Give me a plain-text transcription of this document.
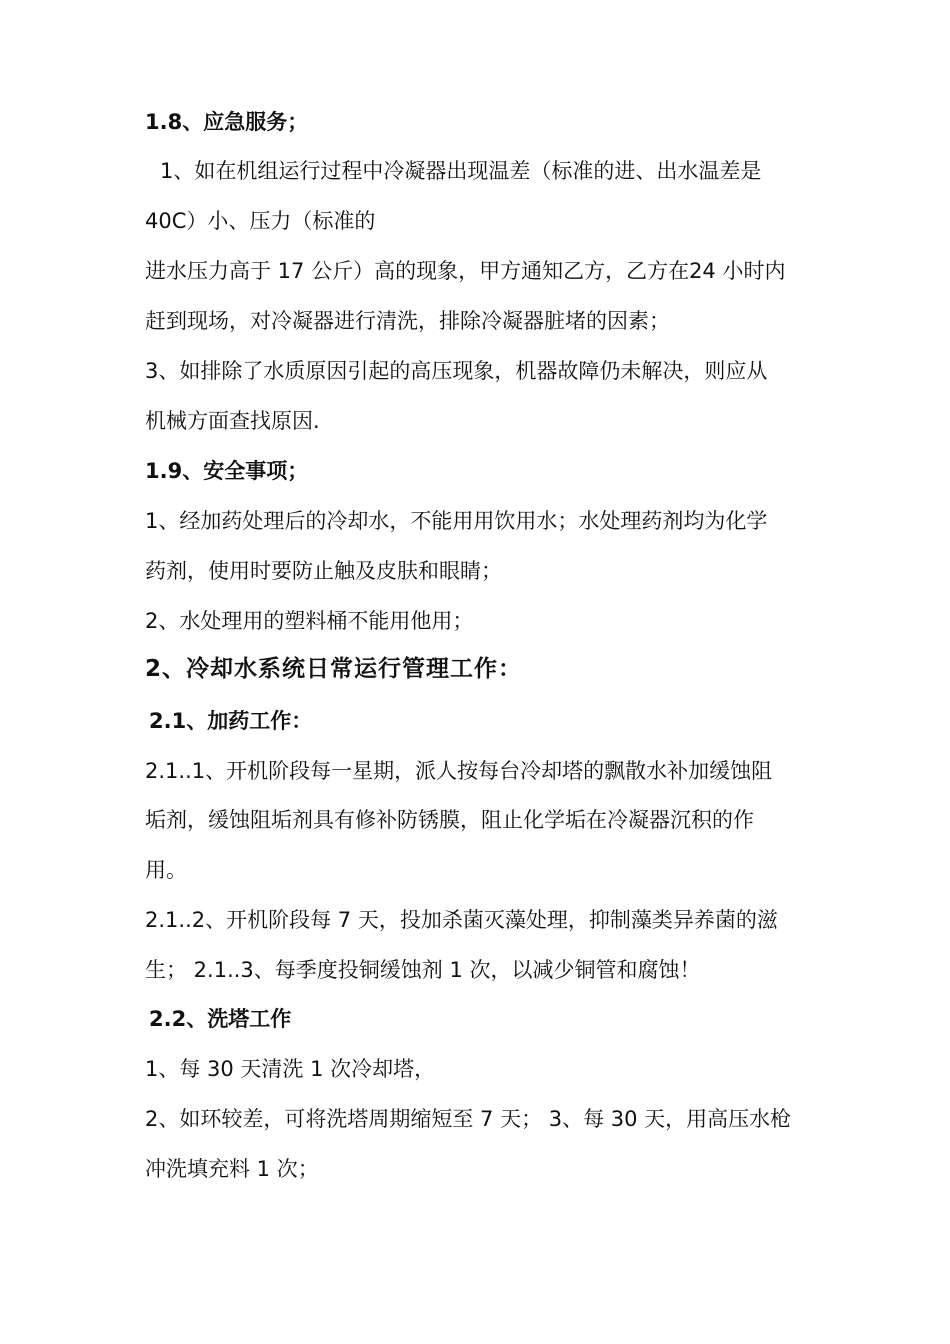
1.8、应急服务；
1、如在机组运行过程中冷凝器出现温差（标准的进、出水温差是
40C）小、压力（标准的
进水压力高于 17 公斤）高的现象，甲方通知乙方，乙方在24 小时内
赶到现场，对冷凝器进行清洗，排除冷凝器脏堵的因素；
3、如排除了水质原因引起的高压现象，机器故障仍未解决，则应从
机械方面查找原因.
1.9、安全事项；
1、经加药处理后的冷却水，不能用用饮用水；水处理药剂均为化学
药剂，使用时要防止触及皮肤和眼睛；
2、水处理用的塑料桶不能用他用；
2、冷却水系统日常运行管理工作：
2.1、加药工作：
2.1..1、开机阶段每一星期，派人按每台冷却塔的飘散水补加缓蚀阻
垢剂，缓蚀阻垢剂具有修补防锈膜，阻止化学垢在冷凝器沉积的作
用。
2.1..2、开机阶段每 7 天，投加杀菌灭藻处理，抑制藻类异养菌的滋
生； 2.1..3、每季度投铜缓蚀剂 1 次，以减少铜管和腐蚀！
2.2、洗塔工作
1、每 30 天清洗 1 次冷却塔，
2、如环较差，可将洗塔周期缩短至 7 天； 3、每 30 天，用高压水枪
冲洗填充料 1 次；
